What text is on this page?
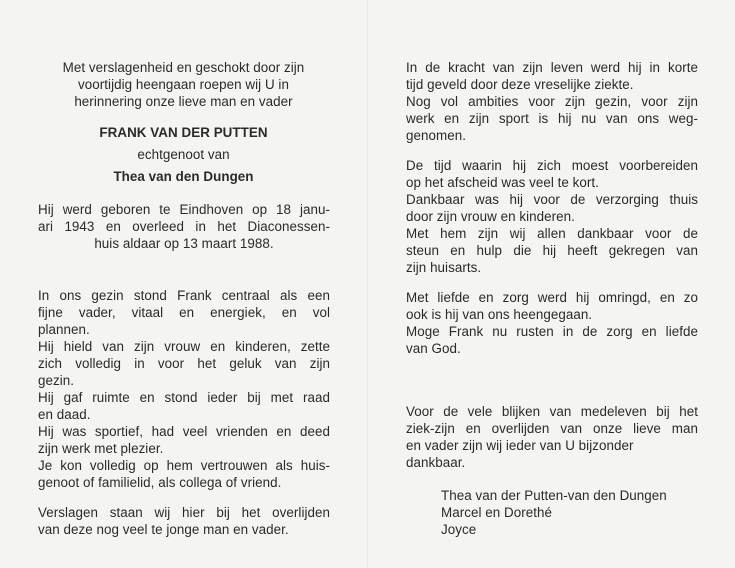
Met verslagenheid en geschokt door zijn
voortijdig heengaan roepen wij U in
herinnering onze lieve man en vader
FRANK VAN DER PUTTEN
echtgenoot van
Thea van den Dungen
Hij werd geboren te Eindhoven op 18 janu-
ari 1943 en overleed in het Diaconessen-
huis aldaar op 13 maart 1988.
In ons gezin stond Frank centraal als een
fijne vader, vitaal en energiek, en vol
plannen.
Hij hield van zijn vrouw en kinderen, zette
zich volledig in voor het geluk van zijn
gezin.
Hij gaf ruimte en stond ieder bij met raad
en daad.
Hij was sportief, had veel vrienden en deed
zijn werk met plezier.
Je kon volledig op hem vertrouwen als huis-
genoot of familielid, als collega of vriend.
Verslagen staan wij hier bij het overlijden
van deze nog veel te jonge man en vader.
In de kracht van zijn leven werd hij in korte
tijd geveld door deze vreselijke ziekte.
Nog vol ambities voor zijn gezin, voor zijn
werk en zijn sport is hij nu van ons weg-
genomen.
De tijd waarin hij zich moest voorbereiden
op het afscheid was veel te kort.
Dankbaar was hij voor de verzorging thuis
door zijn vrouw en kinderen.
Met hem zijn wij allen dankbaar voor de
steun en hulp die hij heeft gekregen van
zijn huisarts.
Met liefde en zorg werd hij omringd, en zo
ook is hij van ons heengegaan.
Moge Frank nu rusten in de zorg en liefde
van God.
Voor de vele blijken van medeleven bij het
ziek-zijn en overlijden van onze lieve man
en vader zijn wij ieder van U bijzonder
dankbaar.
Thea van der Putten-van den Dungen
Marcel en Dorethé
Joyce
